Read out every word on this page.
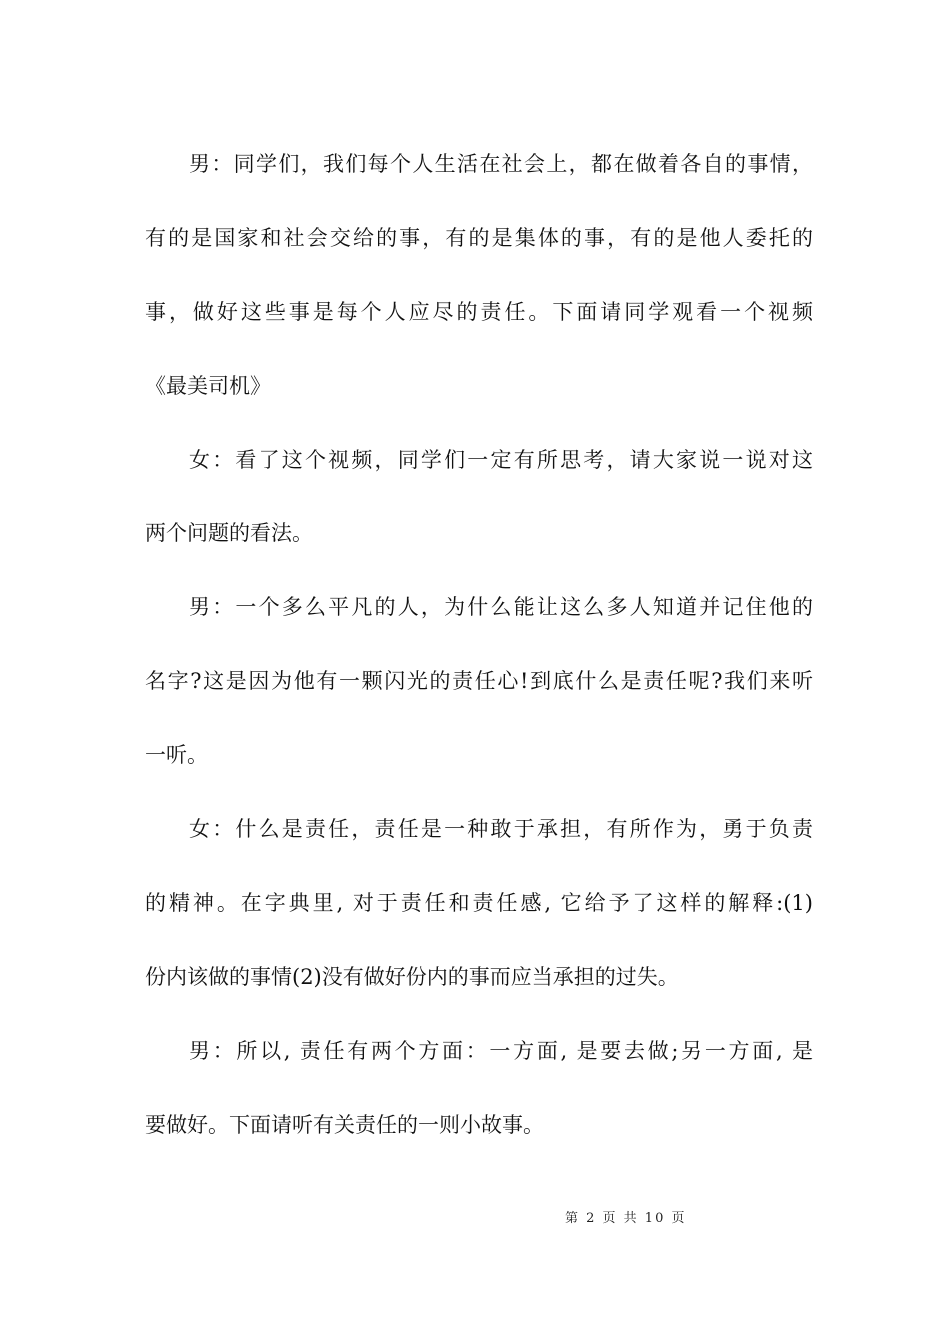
男：同学们，我们每个人生活在社会上，都在做着各自的事情，
有的是国家和社会交给的事，有的是集体的事，有的是他人委托的
事，做好这些事是每个人应尽的责任。下面请同学观看一个视频
《最美司机》
女：看了这个视频，同学们一定有所思考，请大家说一说对这
两个问题的看法。
男：一个多么平凡的人，为什么能让这么多人知道并记住他的
名字?这是因为他有一颗闪光的责任心!到底什么是责任呢?我们来听
一听。
女：什么是责任，责任是一种敢于承担，有所作为，勇于负责
的精神。在字典里, 对于责任和责任感, 它给予了这样的解释:(1)
份内该做的事情(2)没有做好份内的事而应当承担的过失。
男：所以, 责任有两个方面：一方面, 是要去做;另一方面, 是
要做好。下面请听有关责任的一则小故事。
第 2 页 共 10 页
